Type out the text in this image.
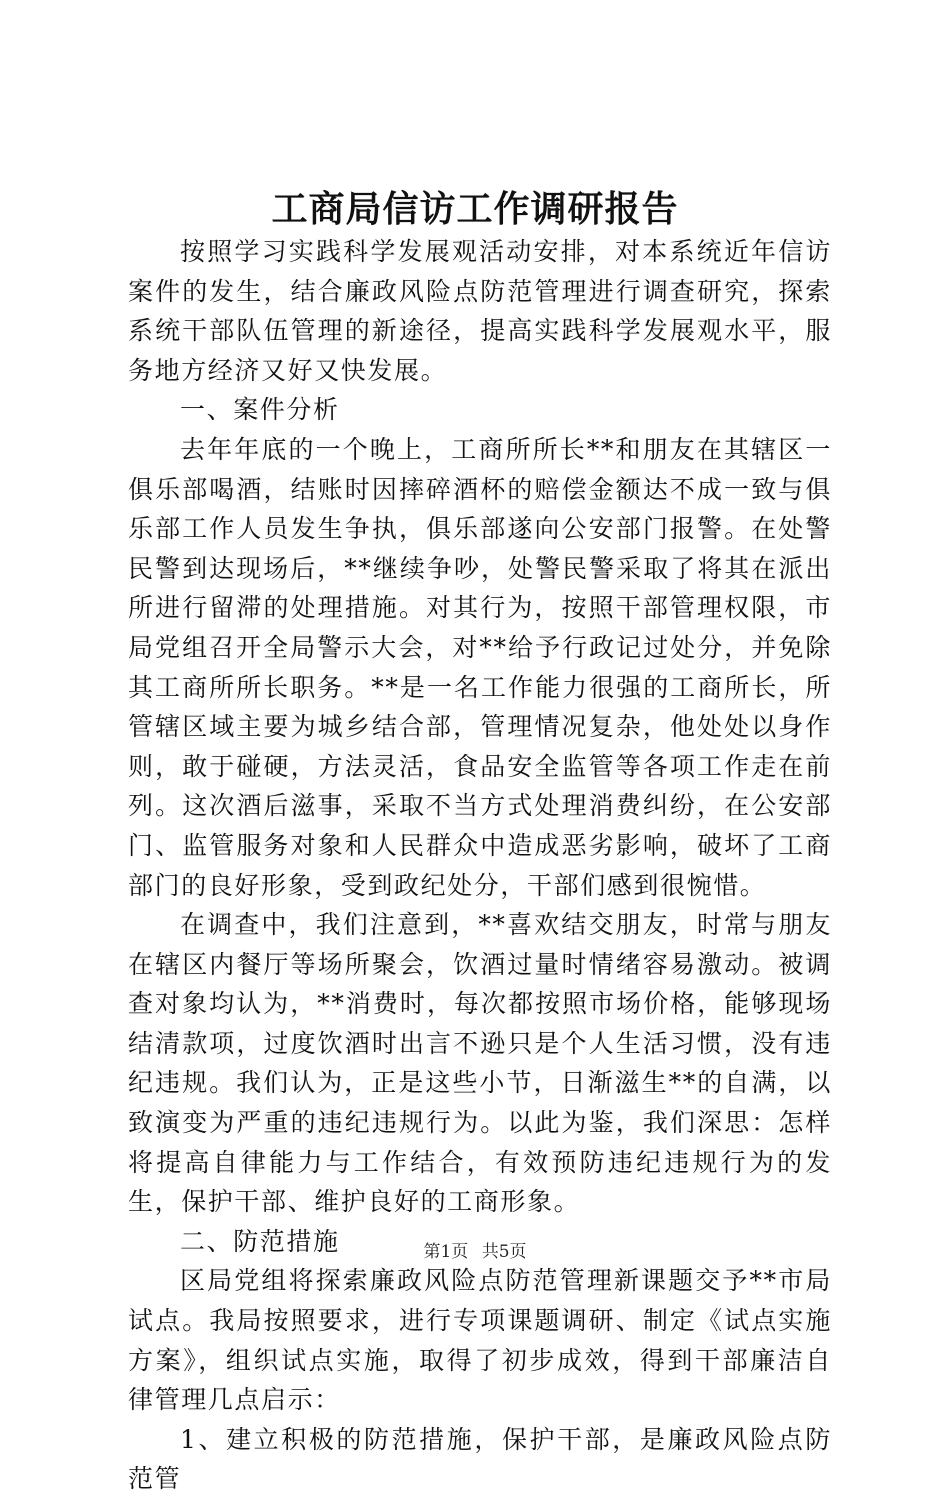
工商局信访工作调研报告

按照学习实践科学发展观活动安排，对本系统近年信访案件的发生，结合廉政风险点防范管理进行调查研究，探索系统干部队伍管理的新途径，提高实践科学发展观水平，服务地方经济又好又快发展。

一、案件分析

去年年底的一个晚上，工商所所长**和朋友在其辖区一俱乐部喝酒，结账时因摔碎酒杯的赔偿金额达不成一致与俱乐部工作人员发生争执，俱乐部遂向公安部门报警。在处警民警到达现场后，**继续争吵，处警民警采取了将其在派出所进行留滞的处理措施。对其行为，按照干部管理权限，市局党组召开全局警示大会，对**给予行政记过处分，并免除其工商所所长职务。**是一名工作能力很强的工商所长，所管辖区域主要为城乡结合部，管理情况复杂，他处处以身作则，敢于碰硬，方法灵活，食品安全监管等各项工作走在前列。这次酒后滋事，采取不当方式处理消费纠纷，在公安部门、监管服务对象和人民群众中造成恶劣影响，破坏了工商部门的良好形象，受到政纪处分，干部们感到很惋惜。

在调查中，我们注意到，**喜欢结交朋友，时常与朋友在辖区内餐厅等场所聚会，饮酒过量时情绪容易激动。被调查对象均认为，**消费时，每次都按照市场价格，能够现场结清款项，过度饮酒时出言不逊只是个人生活习惯，没有违纪违规。我们认为，正是这些小节，日渐滋生**的自满，以致演变为严重的违纪违规行为。以此为鉴，我们深思：怎样将提高自律能力与工作结合，有效预防违纪违规行为的发生，保护干部、维护良好的工商形象。

二、防范措施

区局党组将探索廉政风险点防范管理新课题交予**市局试点。我局按照要求，进行专项课题调研、制定《试点实施方案》，组织试点实施，取得了初步成效，得到干部廉洁自律管理几点启示：

1、建立积极的防范措施，保护干部，是廉政风险点防范管

第1页 共5页
